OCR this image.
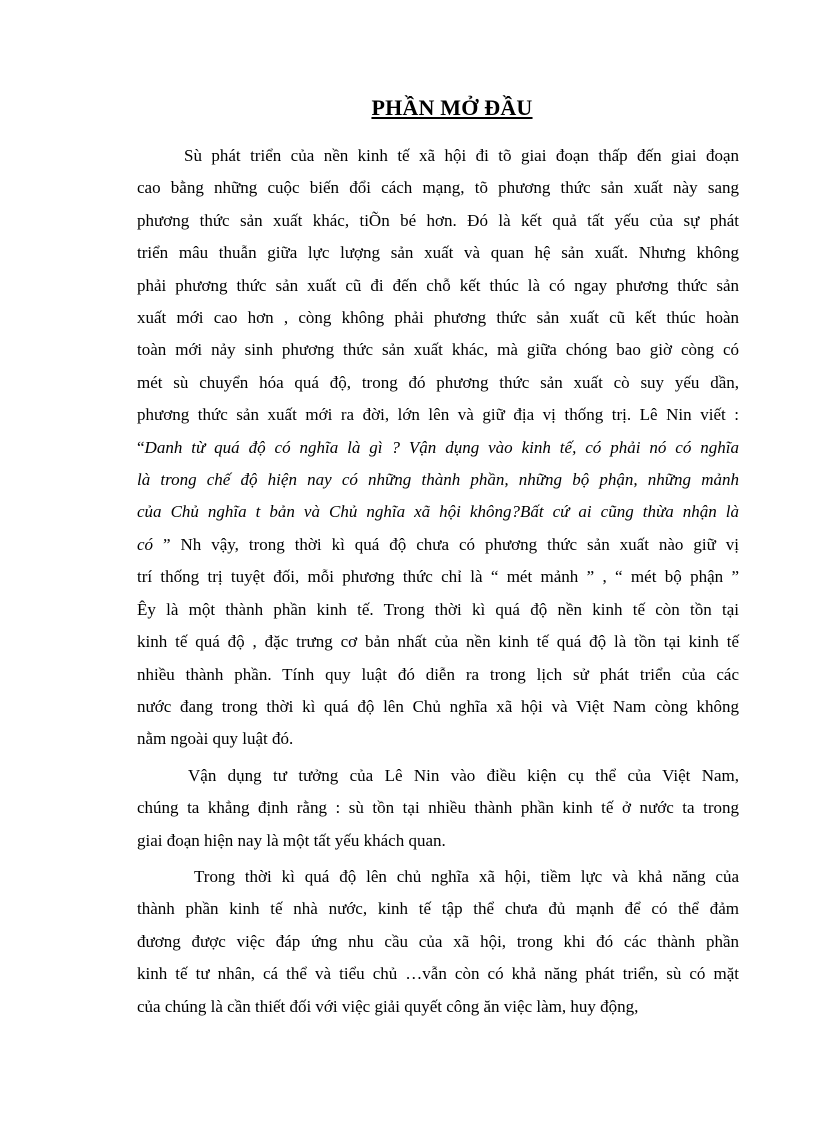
PHẦN MỞ ĐẦU

Sù phát triển của nền kinh tế xã hội đi tõ giai đoạn thấp đến giai đoạn

cao bằng những cuộc biến đổi cách mạng, tõ phương thức sản xuất này sang

phương thức sản xuất khác, tiÕn bé hơn. Đó là kết quả tất yếu của sự phát

triển mâu thuẫn giữa lực lượng sản xuất và quan hệ sản xuất. Nhưng không

phải phương thức sản xuất cũ đi đến chỗ kết thúc là có ngay phương thức sản

xuất mới cao hơn , còng không phải phương thức sản xuất cũ kết thúc hoàn

toàn mới nảy sinh phương thức sản xuất khác, mà giữa chóng bao giờ còng có

mét sù chuyển hóa quá độ, trong đó phương thức sản xuất cò suy yếu dần,

phương thức sản xuất mới ra đời, lớn lên và giữ địa vị thống trị. Lê Nin viết :

“Danh từ quá độ có nghĩa là gì ? Vận dụng vào kinh tế, có phải nó có nghĩa

là trong chế độ hiện nay có những thành phần, những bộ phận, những mảnh

của Chủ nghĩa t bản và Chủ nghĩa xã hội không?Bất cứ ai cũng thừa nhận là

có ” Nh vậy, trong thời kì quá độ chưa có phương thức sản xuất nào giữ vị

trí thống trị tuyệt đối, mỗi phương thức chỉ là “ mét mảnh ” , “ mét bộ phận ”

Êy là một thành phần kinh tế. Trong thời kì quá độ nền kinh tế còn tồn tại

kinh tế quá độ , đặc trưng cơ bản nhất của nền kinh tế quá độ là tồn tại kinh tế

nhiều thành phần. Tính quy luật đó diễn ra trong lịch sử phát triển của các

nước đang trong thời kì quá độ lên Chủ nghĩa xã hội và Việt Nam còng không

nằm ngoài quy luật đó.

Vận dụng tư tưởng của Lê Nin vào điều kiện cụ thể của Việt Nam,

chúng ta khẳng định rằng : sù tồn tại nhiều thành phần kinh tế ở nước ta trong

giai đoạn hiện nay là một tất yếu khách quan.

Trong thời kì quá độ lên chủ nghĩa xã hội, tiềm lực và khả năng của

thành phần kinh tế nhà nước, kinh tế tập thể chưa đủ mạnh để có thể đảm

đương được việc đáp ứng nhu cầu của xã hội, trong khi đó các thành phần

kinh tế tư nhân, cá thể và tiểu chủ …vẫn còn có khả năng phát triển, sù có mặt

của chúng là cần thiết đối với việc giải quyết công ăn việc làm, huy động,
